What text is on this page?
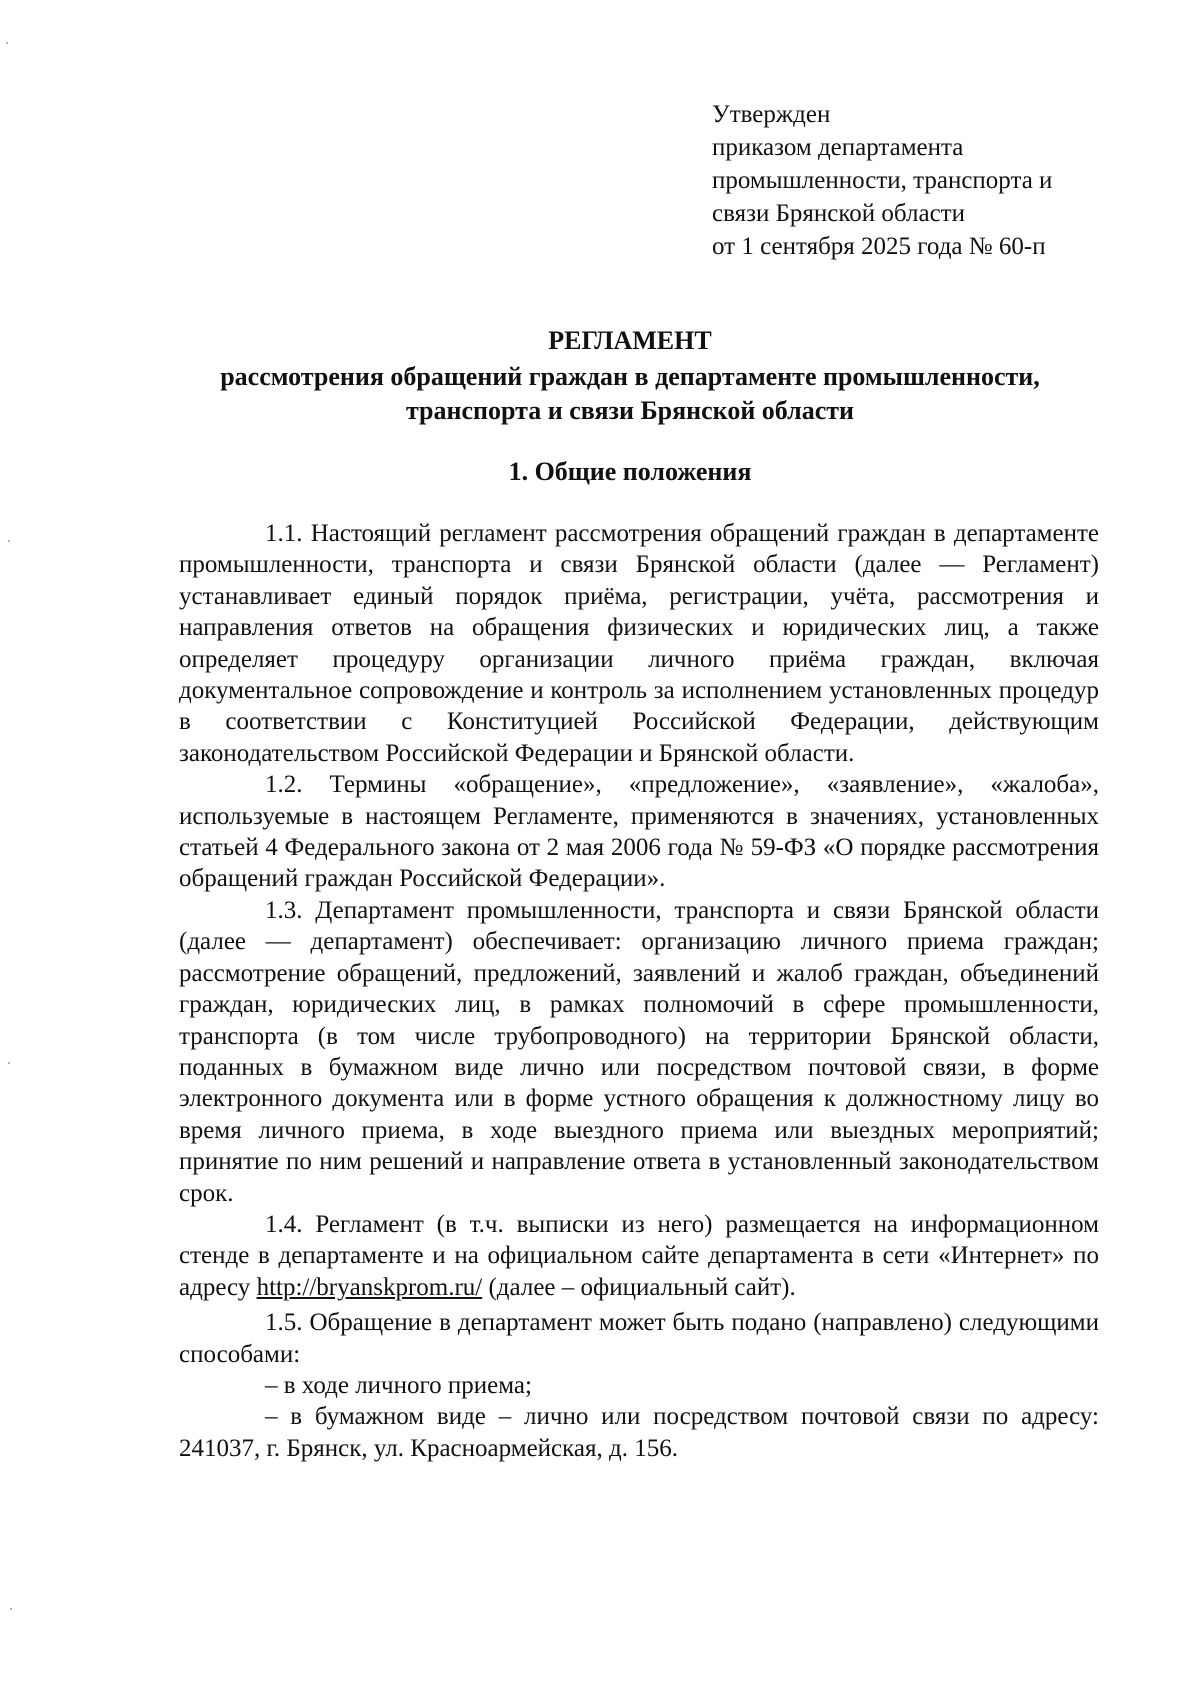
Утвержден
приказом департамента
промышленности, транспорта и
связи Брянской области
от 1 сентября 2025 года № 60-п
РЕГЛАМЕНТ
рассмотрения обращений граждан в департаменте промышленности,
транспорта и связи Брянской области
1. Общие положения

1.1. Настоящий регламент рассмотрения обращений граждан в департаменте промышленности, транспорта и связи Брянской области (далее — Регламент) устанавливает единый порядок приёма, регистрации, учёта, рассмотрения и направления ответов на обращения физических и юридических лиц, а также определяет процедуру организации личного приёма граждан, включая документальное сопровождение и контроль за исполнением установленных процедур в соответствии с Конституцией Российской Федерации, действующим законодательством Российской Федерации и Брянской области.

1.2. Термины «обращение», «предложение», «заявление», «жалоба», используемые в настоящем Регламенте, применяются в значениях, установленных статьей 4 Федерального закона от 2 мая 2006 года № 59-ФЗ «О порядке рассмотрения обращений граждан Российской Федерации».

1.3. Департамент промышленности, транспорта и связи Брянской области (далее — департамент) обеспечивает: организацию личного приема граждан; рассмотрение обращений, предложений, заявлений и жалоб граждан, объединений граждан, юридических лиц, в рамках полномочий в сфере промышленности, транспорта (в том числе трубопроводного) на территории Брянской области, поданных в бумажном виде лично или посредством почтовой связи, в форме электронного документа или в форме устного обращения к должностному лицу во время личного приема, в ходе выездного приема или выездных мероприятий; принятие по ним решений и направление ответа в установленный законодательством срок.

1.4. Регламент (в т.ч. выписки из него) размещается на информационном стенде в департаменте и на официальном сайте департамента в сети «Интернет» по адресу http://bryanskprom.ru/ (далее – официальный сайт).

1.5. Обращение в департамент может быть подано (направлено) следующими способами:

– в ходе личного приема;

– в бумажном виде – лично или посредством почтовой связи по адресу: 241037, г. Брянск, ул. Красноармейская, д. 156.
